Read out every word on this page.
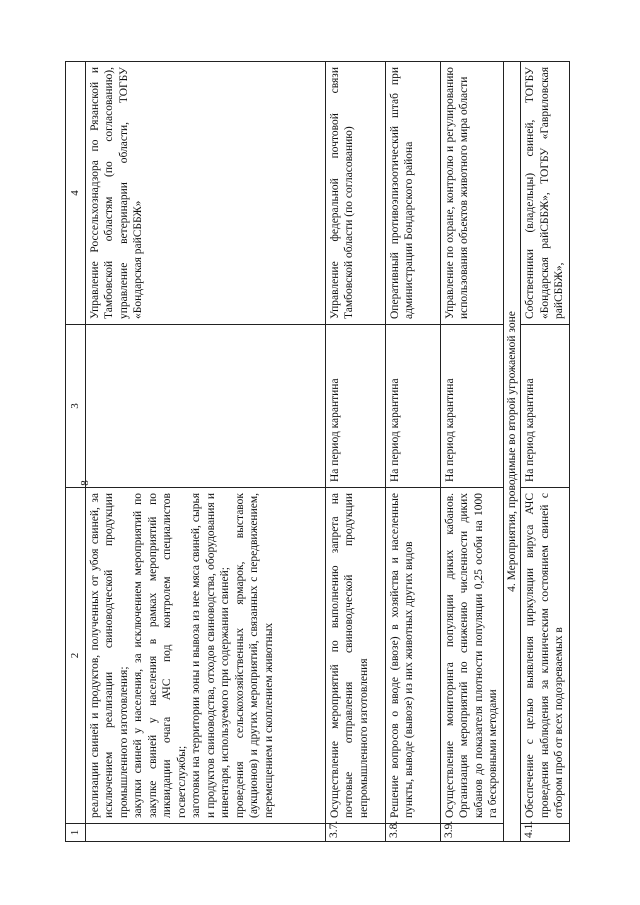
8
1	2	3	4

	реализации свиней и продуктов, полученных от убоя свиней, за исключением реализации свиноводческой продукции промышленного изготовления; закупки свиней у населения, за исключением мероприятий по закупке свиней у населения в рамках мероприятий по ликвидации очага АЧС под контролем специалистов госветслужбы; заготовки на территории зоны и вывоза из нее мяса свиней, сырья и продуктов свиноводства, отходов свиноводства, оборудования и инвентаря, используемого при содержании свиней; проведения сельскохозяйственных ярмарок, выставок (аукционов) и других мероприятий, связанных с передвижением, перемещением и скоплением животных		Управление Россельхознадзора по Рязанской и Тамбовской областям (по согласованию), управление ветеринарии области, ТОГБУ «Бондарская райСББЖ»
3.7.	Осуществление мероприятий по выполнению запрета на почтовые отправления свиноводческой продукции непромышленного изготовления	На период карантина	Управление федеральной почтовой связи Тамбовской области (по согласованию)
3.8.	Решение вопросов о вводе (ввозе) в хозяйства и населенные пункты, выводе (вывозе) из них животных других видов	На период карантина	Оперативный противоэпизоотический штаб при администрации Бондарского района
3.9.	Осуществление мониторинга популяции диких кабанов. Организация мероприятий по снижению численности диких кабанов до показателя плотности популяции 0,25 особи на 1000 га бескровными методами	На период карантина	Управление по охране, контролю и регулированию использования объектов животного мира области
4. Мероприятия, проводимые во второй угрожаемой зоне			
4.1.	Обеспечение с целью выявления циркуляции вируса АЧС проведения наблюдения за клиническим состоянием свиней с отбором проб от всех подозреваемых в	На период карантина	Собственники (владельцы) свиней, ТОГБУ «Бондарская райСББЖ», ТОГБУ «Гавриловская райСББЖ»,
